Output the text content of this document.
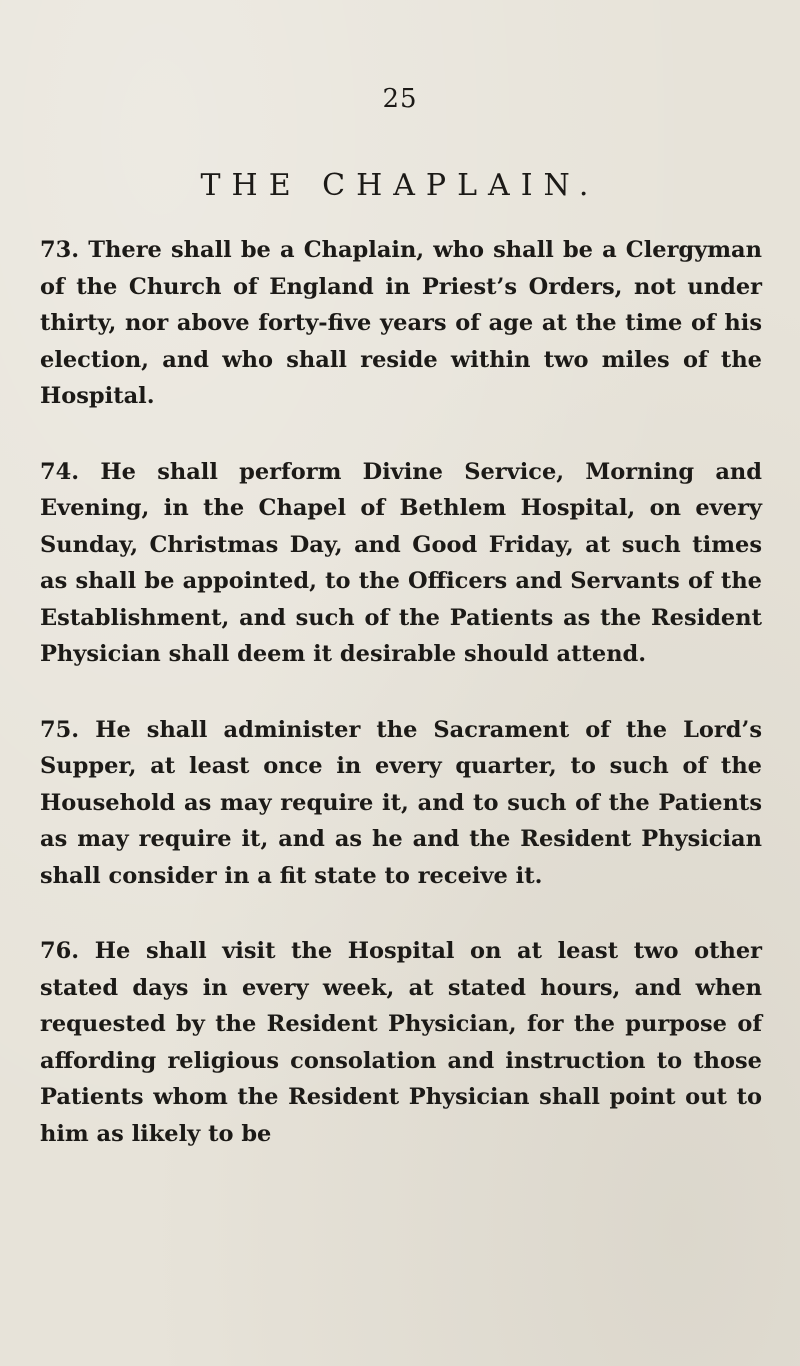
25
THE CHAPLAIN.

73. There shall be a Chaplain, who shall be a Clergyman of the Church of England in Priest’s Orders, not under thirty, nor above forty-five years of age at the time of his election, and who shall reside within two miles of the Hospital.

74. He shall perform Divine Service, Morning and Evening, in the Chapel of Bethlem Hospital, on every Sunday, Christmas Day, and Good Friday, at such times as shall be appointed, to the Officers and Servants of the Establishment, and such of the Patients as the Resident Physician shall deem it desirable should attend.

75. He shall administer the Sacrament of the Lord’s Supper, at least once in every quarter, to such of the Household as may require it, and to such of the Patients as may require it, and as he and the Resident Physician shall consider in a fit state to receive it.

76. He shall visit the Hospital on at least two other stated days in every week, at stated hours, and when requested by the Resident Physician, for the purpose of affording religious consolation and instruction to those Patients whom the Resident Physician shall point out to him as likely to be
